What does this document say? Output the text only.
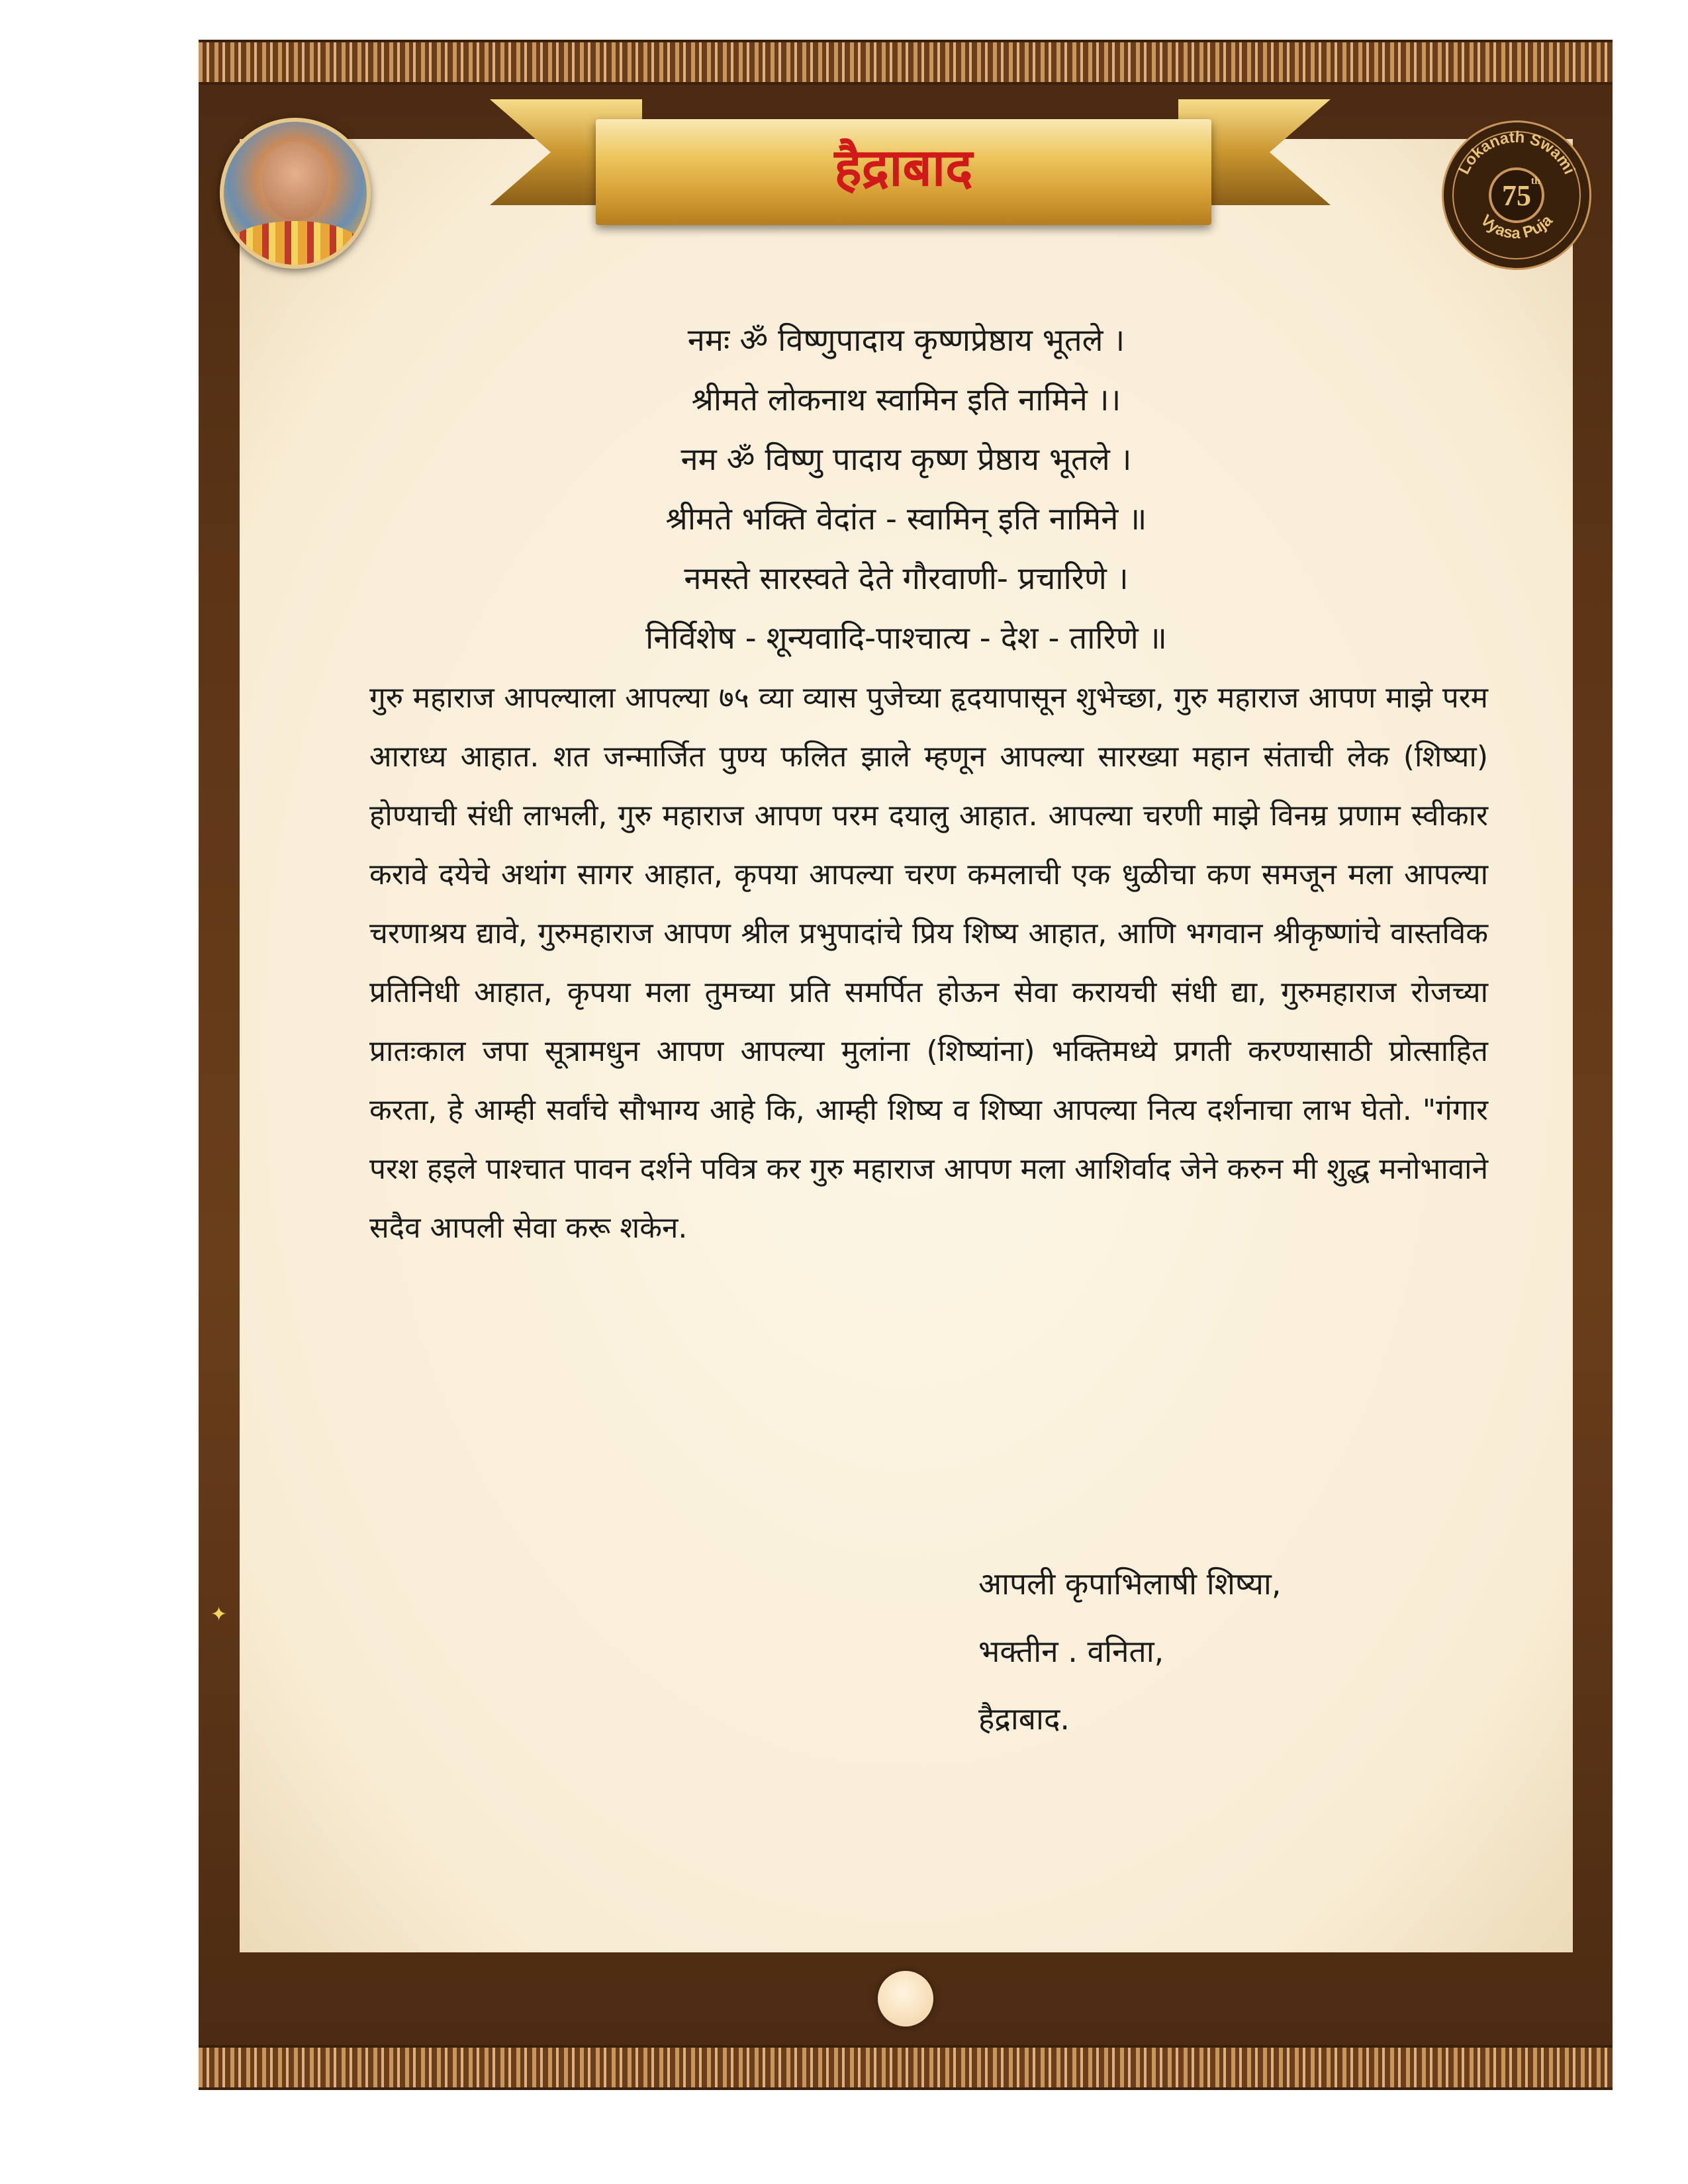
हैद्राबाद	Lokanath Swami
Vyasa Puja
75th
नमः ॐ विष्णुपादाय कृष्णप्रेष्ठाय भूतले ।
श्रीमते लोकनाथ स्वामिन इति नामिने ।।
नम ॐ विष्णु पादाय कृष्ण प्रेष्ठाय भूतले ।
श्रीमते भक्ति वेदांत - स्वामिन् इति नामिने ॥
नमस्ते सारस्वते देते गौरवाणी- प्रचारिणे ।
निर्विशेष - शून्यवादि-पाश्चात्य - देश - तारिणे ॥
गुरु महाराज आपल्याला आपल्या ७५ व्या व्यास पुजेच्या हृदयापासून शुभेच्छा, गुरु महाराज आपण माझे परम आराध्य आहात. शत जन्मार्जित पुण्य फलित झाले म्हणून आपल्या सारख्या महान संताची लेक (शिष्या) होण्याची संधी लाभली, गुरु महाराज आपण परम दयालु आहात. आपल्या चरणी माझे विनम्र प्रणाम स्वीकार करावे दयेचे अथांग सागर आहात, कृपया आपल्या चरण कमलाची एक धुळीचा कण समजून मला आपल्या चरणाश्रय द्यावे, गुरुमहाराज आपण श्रील प्रभुपादांचे प्रिय शिष्य आहात, आणि भगवान श्रीकृष्णांचे वास्तविक प्रतिनिधी आहात, कृपया मला तुमच्या प्रति समर्पित होऊन सेवा करायची संधी द्या, गुरुमहाराज रोजच्या प्रातःकाल जपा सूत्रामधुन आपण आपल्या मुलांना (शिष्यांना) भक्तिमध्ये प्रगती करण्यासाठी प्रोत्साहित करता, हे आम्ही सर्वांचे सौभाग्य आहे कि, आम्ही शिष्य व शिष्या आपल्या नित्य दर्शनाचा लाभ घेतो. "गंगार परश हइले पाश्चात पावन दर्शने पवित्र कर गुरु महाराज आपण मला आशिर्वाद जेने करुन मी शुद्ध मनोभावाने सदैव आपली सेवा करू शकेन.
आपली कृपाभिलाषी शिष्या,
भक्तीन . वनिता,
हैद्राबाद.
✦
